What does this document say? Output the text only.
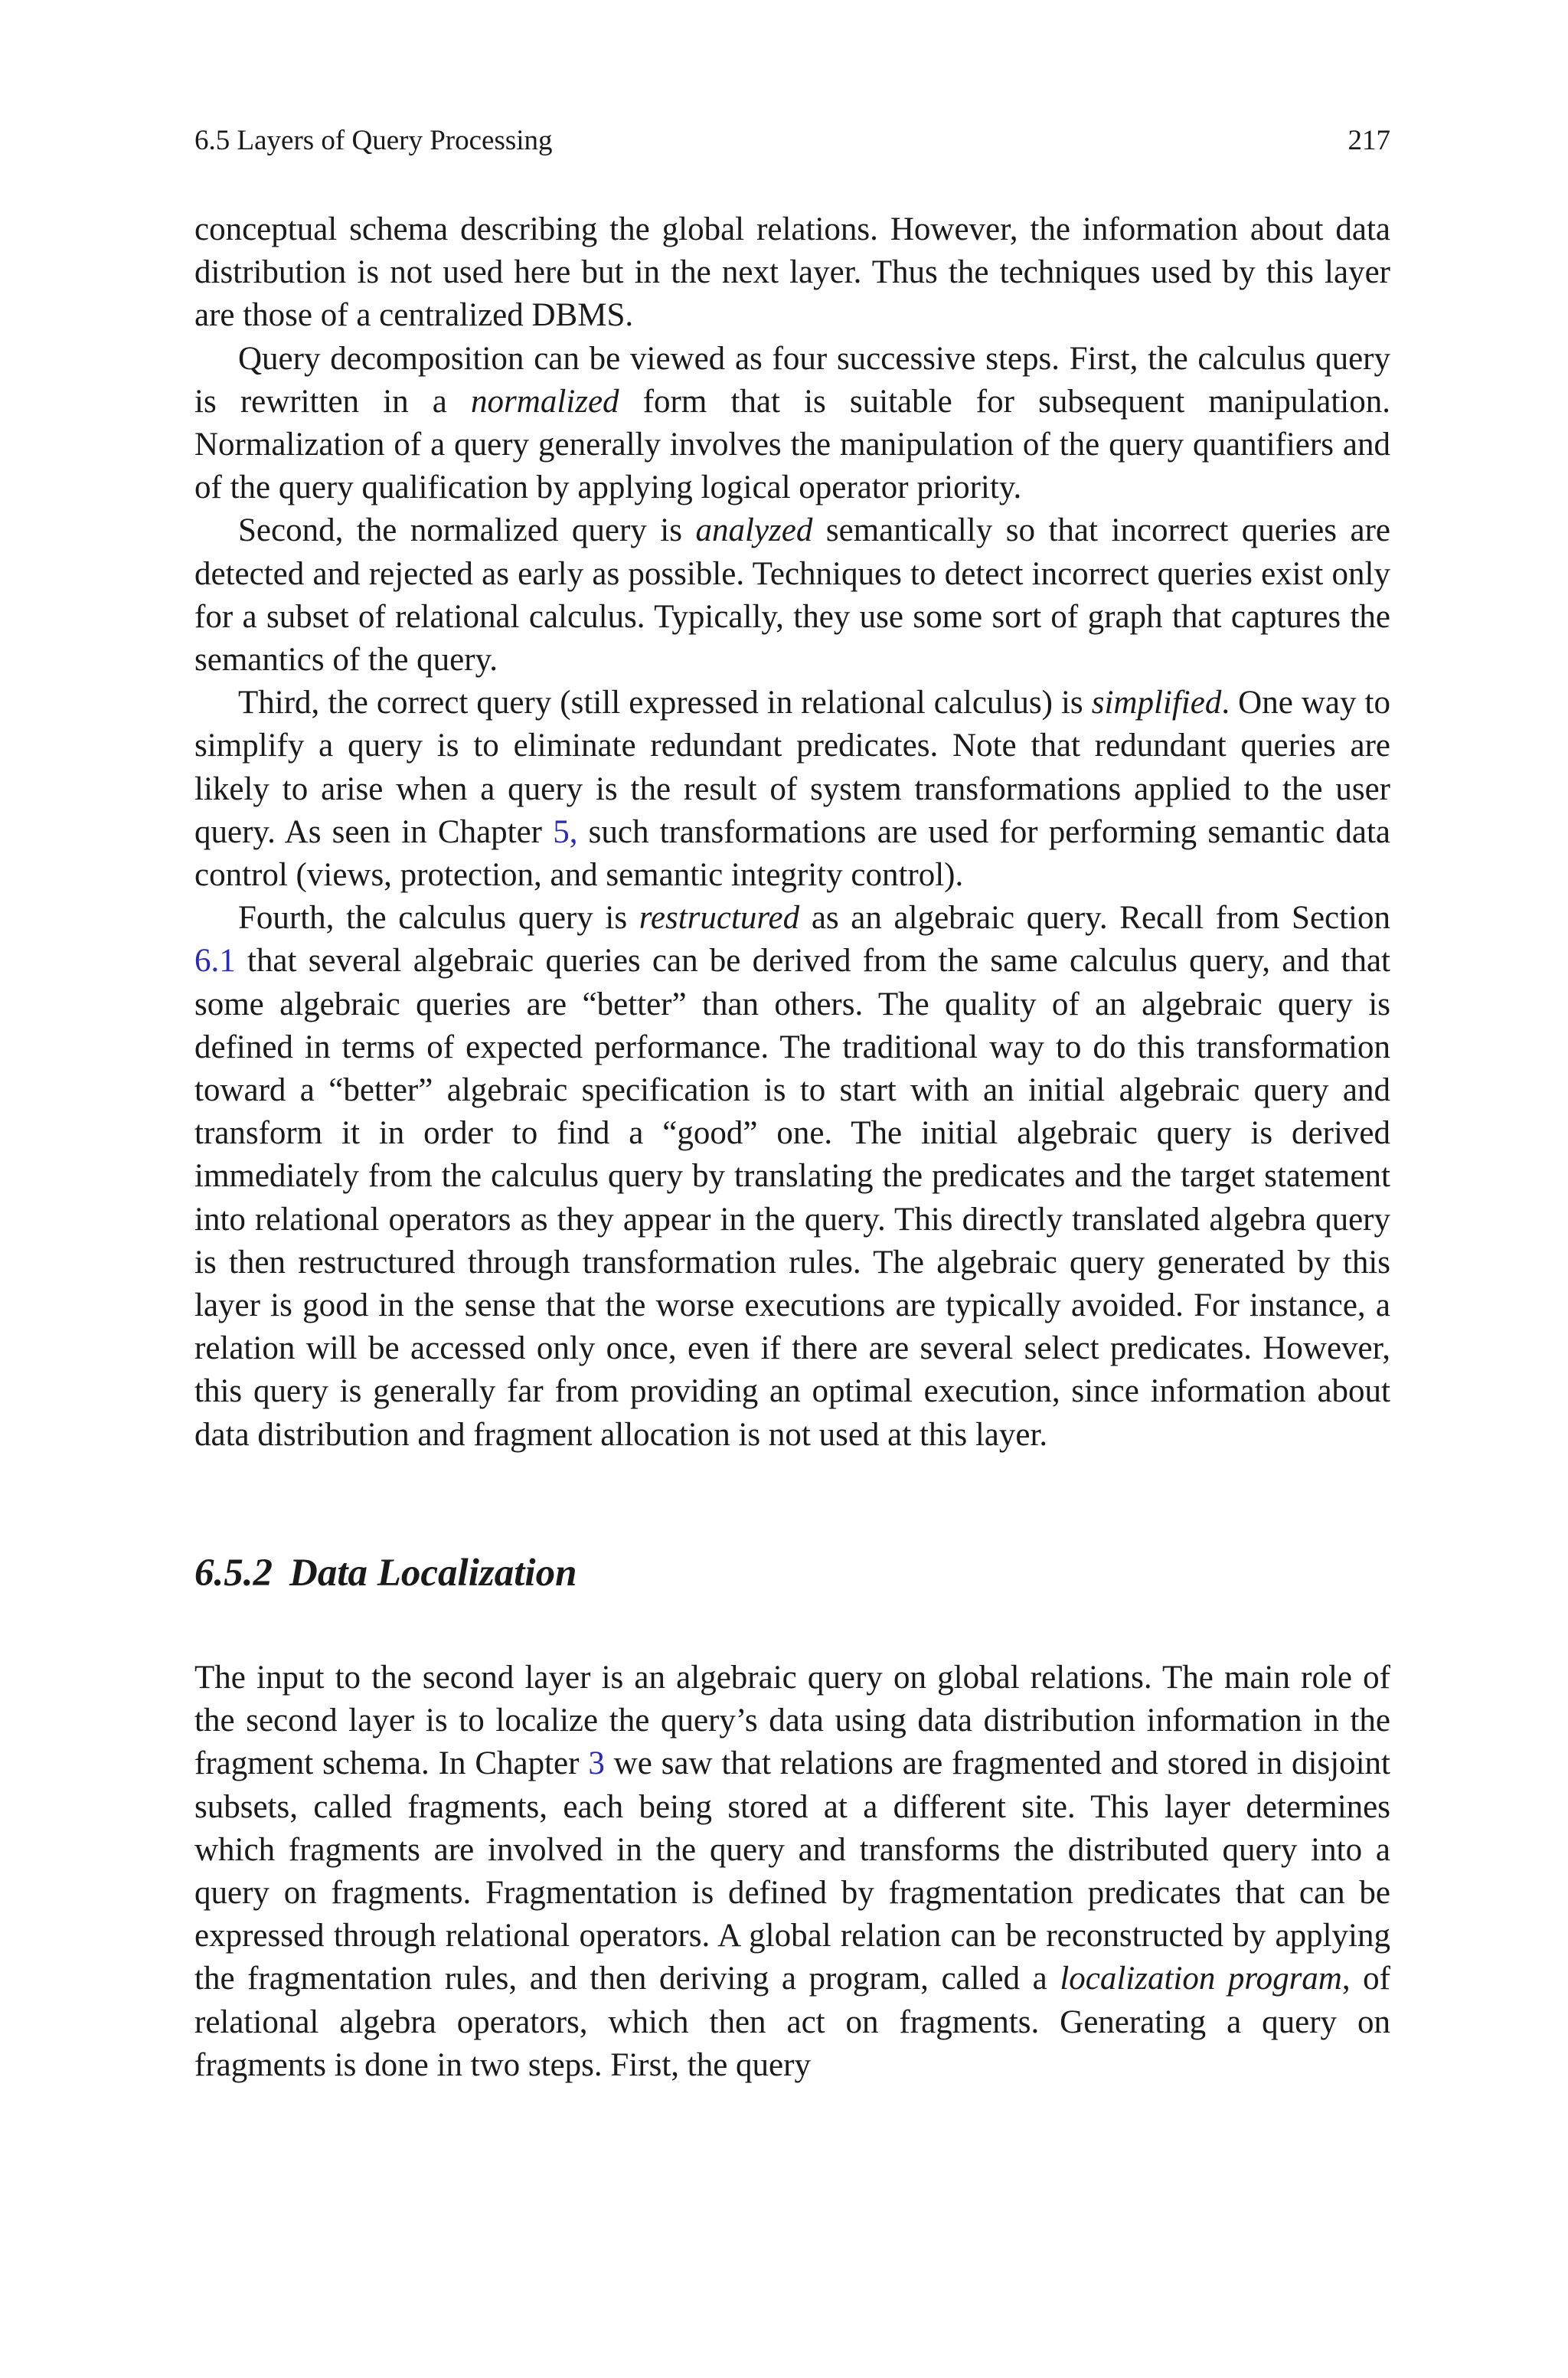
6.5 Layers of Query Processing	217

conceptual schema describing the global relations. However, the information about data distribution is not used here but in the next layer. Thus the techniques used by this layer are those of a centralized DBMS.

Query decomposition can be viewed as four successive steps. First, the calculus query is rewritten in a normalized form that is suitable for subsequent manipulation. Normalization of a query generally involves the manipulation of the query quantifiers and of the query qualification by applying logical operator priority.

Second, the normalized query is analyzed semantically so that incorrect queries are detected and rejected as early as possible. Techniques to detect incorrect queries exist only for a subset of relational calculus. Typically, they use some sort of graph that captures the semantics of the query.

Third, the correct query (still expressed in relational calculus) is simplified. One way to simplify a query is to eliminate redundant predicates. Note that redundant queries are likely to arise when a query is the result of system transformations applied to the user query. As seen in Chapter 5, such transformations are used for performing semantic data control (views, protection, and semantic integrity control).

Fourth, the calculus query is restructured as an algebraic query. Recall from Section 6.1 that several algebraic queries can be derived from the same calculus query, and that some algebraic queries are “better” than others. The quality of an algebraic query is defined in terms of expected performance. The traditional way to do this transformation toward a “better” algebraic specification is to start with an initial algebraic query and transform it in order to find a “good” one. The initial algebraic query is derived immediately from the calculus query by translating the predicates and the target statement into relational operators as they appear in the query. This directly translated algebra query is then restructured through transformation rules. The algebraic query generated by this layer is good in the sense that the worse executions are typically avoided. For instance, a relation will be accessed only once, even if there are several select predicates. However, this query is generally far from providing an optimal execution, since information about data distribution and fragment allocation is not used at this layer.

6.5.2 Data Localization

The input to the second layer is an algebraic query on global relations. The main role of the second layer is to localize the query’s data using data distribution information in the fragment schema. In Chapter 3 we saw that relations are fragmented and stored in disjoint subsets, called fragments, each being stored at a different site. This layer determines which fragments are involved in the query and transforms the distributed query into a query on fragments. Fragmentation is defined by fragmentation predicates that can be expressed through relational operators. A global relation can be reconstructed by applying the fragmentation rules, and then deriving a program, called a localization program, of relational algebra operators, which then act on fragments. Generating a query on fragments is done in two steps. First, the query
